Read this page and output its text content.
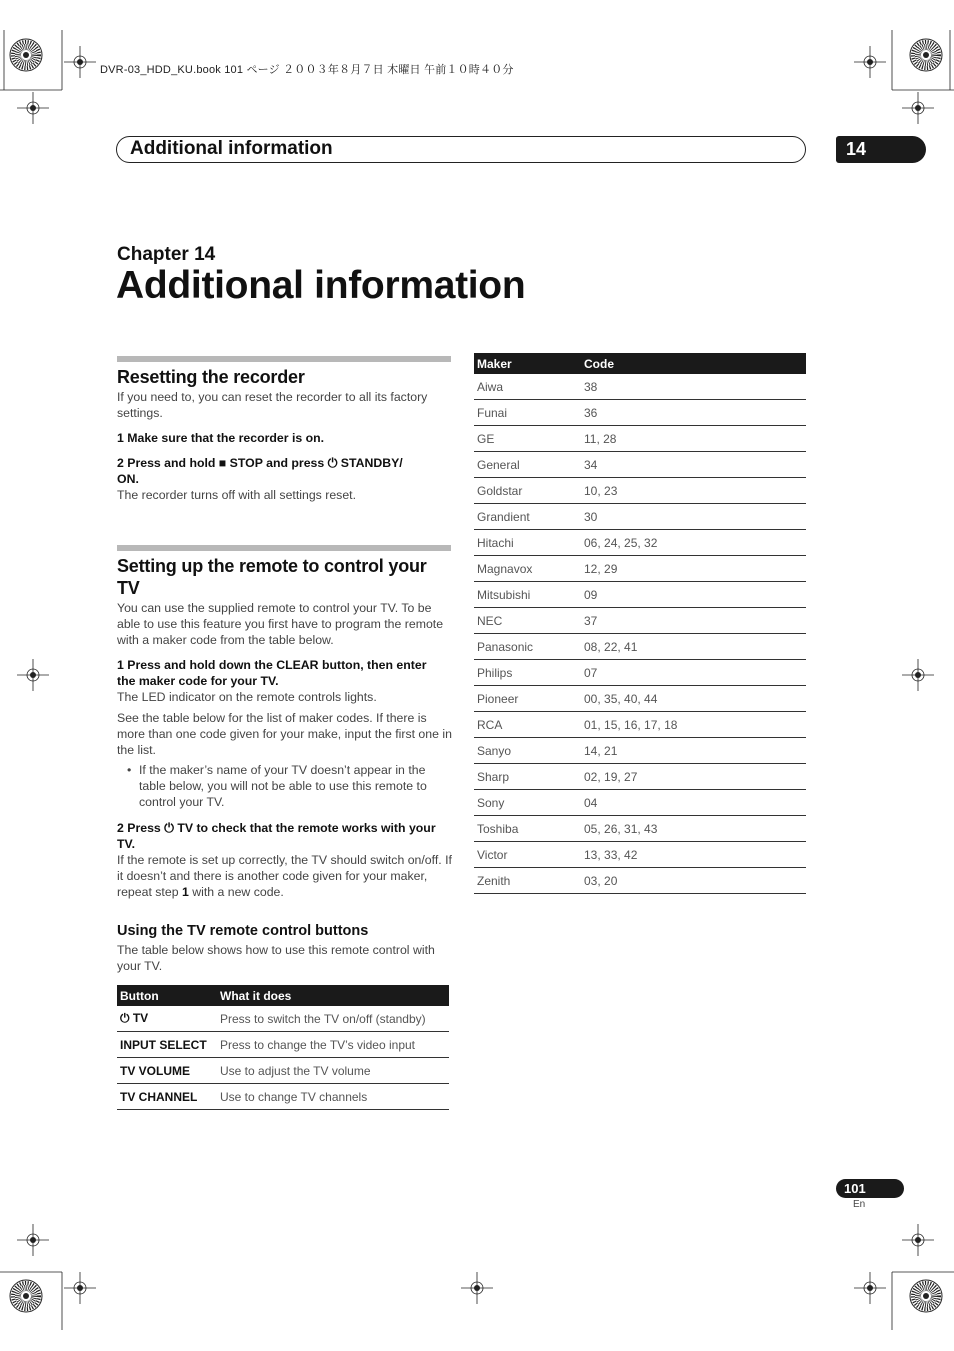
DVR-03_HDD_KU.book 101 ページ ２００３年８月７日 木曜日 午前１０時４０分
Additional information	14
Chapter 14
Additional information
Resetting the recorder
If you need to, you can reset the recorder to all its factory settings.
1 Make sure that the recorder is on.
2 Press and hold ■ STOP and press ⏻ STANDBY/
ON.
The recorder turns off with all settings reset.
Setting up the remote to control your
TV
You can use the supplied remote to control your TV. To be able to use this feature you first have to program the remote with a maker code from the table below.
1 Press and hold down the CLEAR button, then enter the maker code for your TV.
The LED indicator on the remote controls lights.
See the table below for the list of maker codes. If there is more than one code given for your make, input the first one in the list.
• If the maker’s name of your TV doesn’t appear in the table below, you will not be able to use this remote to control your TV.
2 Press ⏻ TV to check that the remote works with your TV.
If the remote is set up correctly, the TV should switch on/off. If it doesn’t and there is another code given for your maker, repeat step 1 with a new code.
Using the TV remote control buttons
The table below shows how to use this remote control with your TV.
Button	What it does
⏻ TV	Press to switch the TV on/off (standby)
INPUT SELECT	Press to change the TV’s video input
TV VOLUME	Use to adjust the TV volume
TV CHANNEL	Use to change TV channels
Maker	Code
Aiwa	38
Funai	36
GE	11, 28
General	34
Goldstar	10, 23
Grandient	30
Hitachi	06, 24, 25, 32
Magnavox	12, 29
Mitsubishi	09
NEC	37
Panasonic	08, 22, 41
Philips	07
Pioneer	00, 35, 40, 44
RCA	01, 15, 16, 17, 18
Sanyo	14, 21
Sharp	02, 19, 27
Sony	04
Toshiba	05, 26, 31, 43
Victor	13, 33, 42
Zenith	03, 20
101
En
